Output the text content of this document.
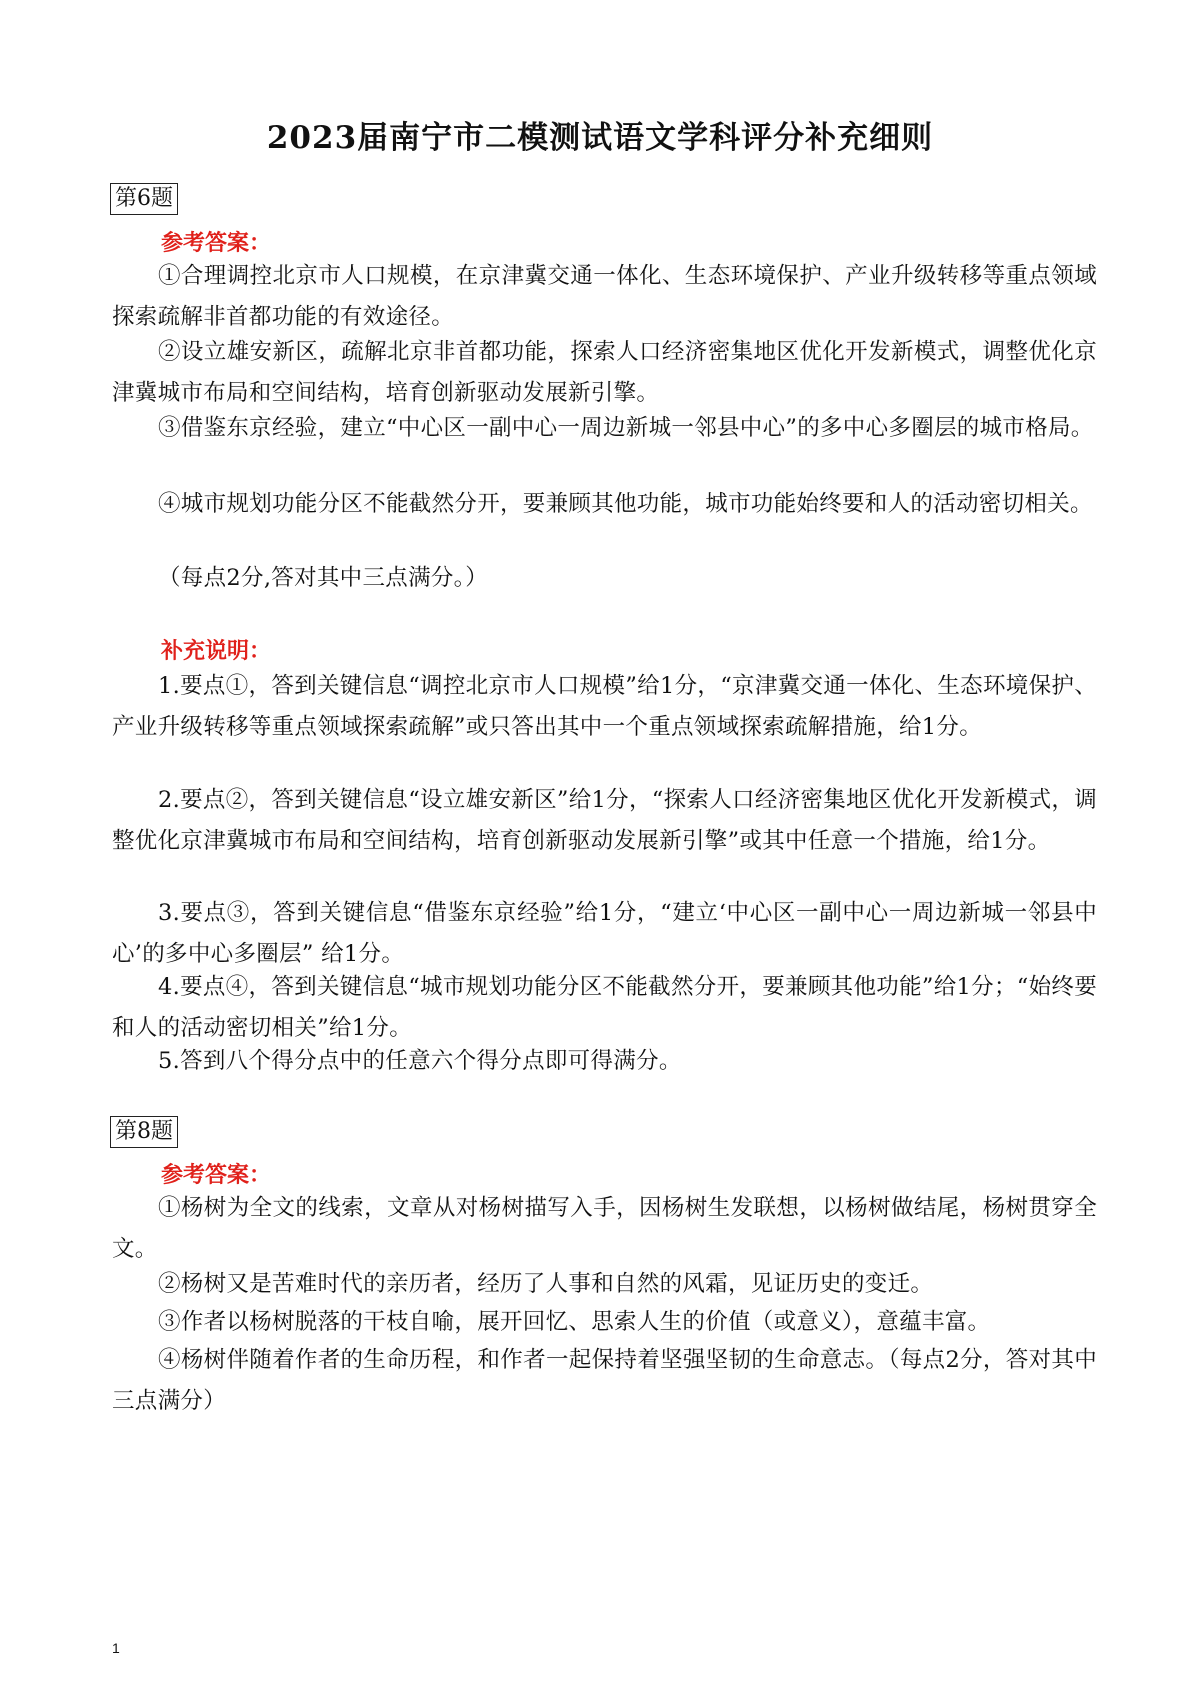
2023届南宁市二模测试语文学科评分补充细则
第6题
参考答案：
①合理调控北京市人口规模，在京津冀交通一体化、生态环境保护、产业升级转移等重点领域探索疏解非首都功能的有效途径。
②设立雄安新区，疏解北京非首都功能，探索人口经济密集地区优化开发新模式，调整优化京津冀城市布局和空间结构，培育创新驱动发展新引擎。
③借鉴东京经验，建立“中心区一副中心一周边新城一邻县中心”的多中心多圈层的城市格局。
④城市规划功能分区不能截然分开，要兼顾其他功能，城市功能始终要和人的活动密切相关。
（每点2分,答对其中三点满分。）
补充说明：
1.要点①，答到关键信息“调控北京市人口规模”给1分，“京津冀交通一体化、生态环境保护、产业升级转移等重点领域探索疏解”或只答出其中一个重点领域探索疏解措施，给1分。
2.要点②，答到关键信息“设立雄安新区”给1分，“探索人口经济密集地区优化开发新模式，调整优化京津冀城市布局和空间结构，培育创新驱动发展新引擎”或其中任意一个措施，给1分。
3.要点③，答到关键信息“借鉴东京经验”给1分，“建立‘中心区一副中心一周边新城一邻县中心’的多中心多圈层” 给1分。
4.要点④，答到关键信息“城市规划功能分区不能截然分开，要兼顾其他功能”给1分；“始终要和人的活动密切相关”给1分。
5.答到八个得分点中的任意六个得分点即可得满分。
第8题
参考答案：
①杨树为全文的线索，文章从对杨树描写入手，因杨树生发联想，以杨树做结尾，杨树贯穿全文。
②杨树又是苦难时代的亲历者，经历了人事和自然的风霜，见证历史的变迁。
③作者以杨树脱落的干枝自喻，展开回忆、思索人生的价值（或意义），意蕴丰富。
④杨树伴随着作者的生命历程，和作者一起保持着坚强坚韧的生命意志。（每点2分，答对其中三点满分）
1
